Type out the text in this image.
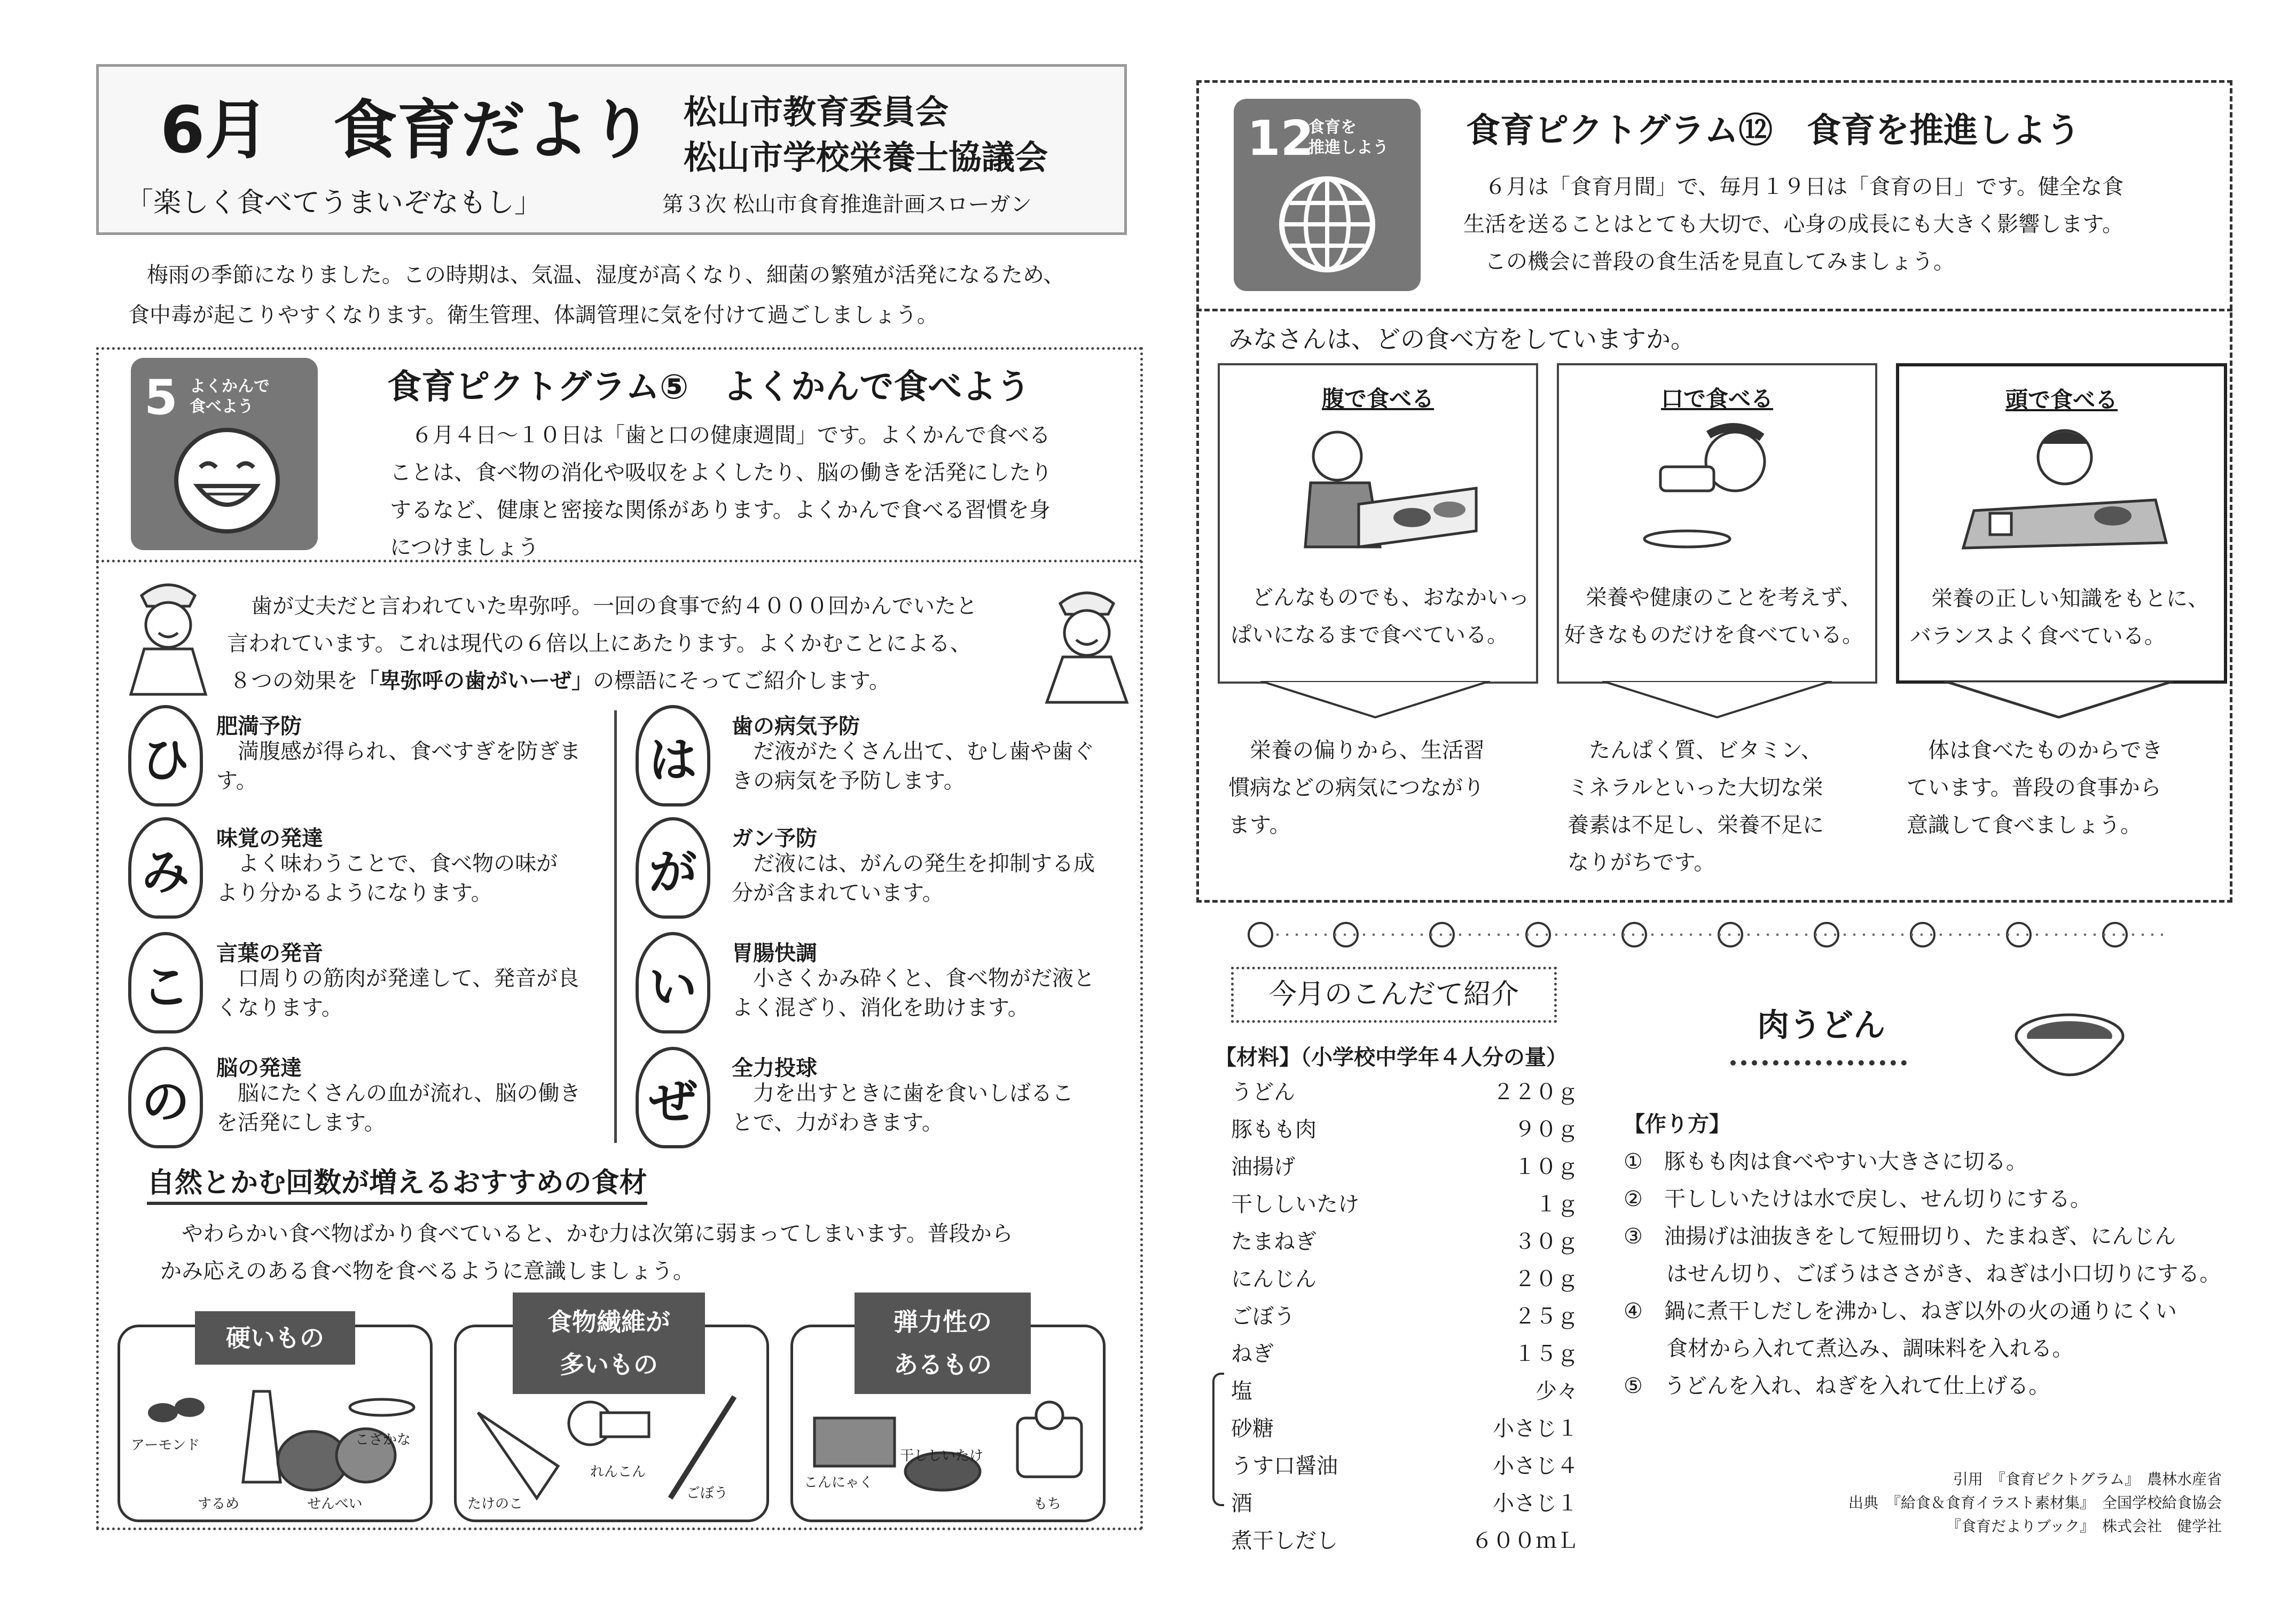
6月　食育だより 松山市教育委員会
松山市学校栄養士協議会
「楽しく食べてうまいぞなもし」	第３次 松山市食育推進計画スローガン
梅雨の季節になりました。この時期は、気温、湿度が高くなり、細菌の繁殖が活発になるため、
食中毒が起こりやすくなります。衛生管理、体調管理に気を付けて過ごしましょう。
5 よくかんで
食べよう	食育ピクトグラム⑤　よくかんで食べよう
　６月４日～１０日は「歯と口の健康週間」です。よくかんで食べる
ことは、食べ物の消化や吸収をよくしたり、脳の働きを活発にしたり
するなど、健康と密接な関係があります。よくかんで食べる習慣を身
につけましょう
歯が丈夫だと言われていた卑弥呼。一回の食事で約４０００回かんでいたと
言われています。これは現代の６倍以上にあたります。よくかむことによる、
８つの効果を「卑弥呼の歯がいーぜ」の標語にそってご紹介します。
ひ
肥満予防
　満腹感が得られ、食べすぎを防ぎま
す。
み
味覚の発達
　よく味わうことで、食べ物の味が
より分かるようになります。
こ
言葉の発音
　口周りの筋肉が発達して、発音が良
くなります。
の
脳の発達
　脳にたくさんの血が流れ、脳の働き
を活発にします。
は
歯の病気予防
　だ液がたくさん出て、むし歯や歯ぐ
きの病気を予防します。
が
ガン予防
　だ液には、がんの発生を抑制する成
分が含まれています。
い
胃腸快調
　小さくかみ砕くと、食べ物がだ液と
よく混ざり、消化を助けます。
ぜ
全力投球
　力を出すときに歯を食いしばるこ
とで、力がわきます。
自然とかむ回数が増えるおすすめの食材
　やわらかい食べ物ばかり食べていると、かむ力は次第に弱まってしまいます。普段から
かみ応えのある食べ物を食べるように意識しましょう。
硬いもの
アーモンド	こざかな
するめ	せんべい
食物繊維が
多いもの
たけのこ
れんこん
ごぼう
弾力性の
あるもの
干ししいたけ
こんにゃく
もち
12
食育を
推進しよう 食育ピクトグラム⑫　食育を推進しよう
　６月は「食育月間」で、毎月１９日は「食育の日」です。健全な食
生活を送ることはとても大切で、心身の成長にも大きく影響します。
　この機会に普段の食生活を見直してみましょう。
みなさんは、どの食べ方をしていますか。
腹で食べる
　どんなものでも、おなかいっ
ぱいになるまで食べている。
口で食べる
　栄養や健康のことを考えず、
好きなものだけを食べている。
頭で食べる
　栄養の正しい知識をもとに、
バランスよく食べている。
　栄養の偏りから、生活習
慣病などの病気につながり
ます。
　たんぱく質、ビタミン、
ミネラルといった大切な栄
養素は不足し、栄養不足に
なりがちです。
　体は食べたものからでき
ています。普段の食事から
意識して食べましょう。
今月のこんだて紹介
肉うどん
【材料】（小学校中学年４人分の量）
うどん	２２０ｇ
豚もも肉	９０ｇ
油揚げ	１０ｇ
干ししいたけ	１ｇ
たまねぎ	３０ｇ
にんじん	２０ｇ
ごぼう	２５ｇ
ねぎ	１５ｇ
塩	少々
砂糖	小さじ１
うす口醤油	小さじ４
酒	小さじ１
煮干しだし	６００ｍＬ
【作り方】
①　豚もも肉は食べやすい大きさに切る。
②　干ししいたけは水で戻し、せん切りにする。
③　油揚げは油抜きをして短冊切り、たまねぎ、にんじん
　　はせん切り、ごぼうはささがき、ねぎは小口切りにする。
④　鍋に煮干しだしを沸かし、ねぎ以外の火の通りにくい
　　食材から入れて煮込み、調味料を入れる。
⑤　うどんを入れ、ねぎを入れて仕上げる。
引用　『食育ピクトグラム』　農林水産省
出典　『給食＆食育イラスト素材集』　全国学校給食協会
『食育だよりブック』　株式会社　健学社
